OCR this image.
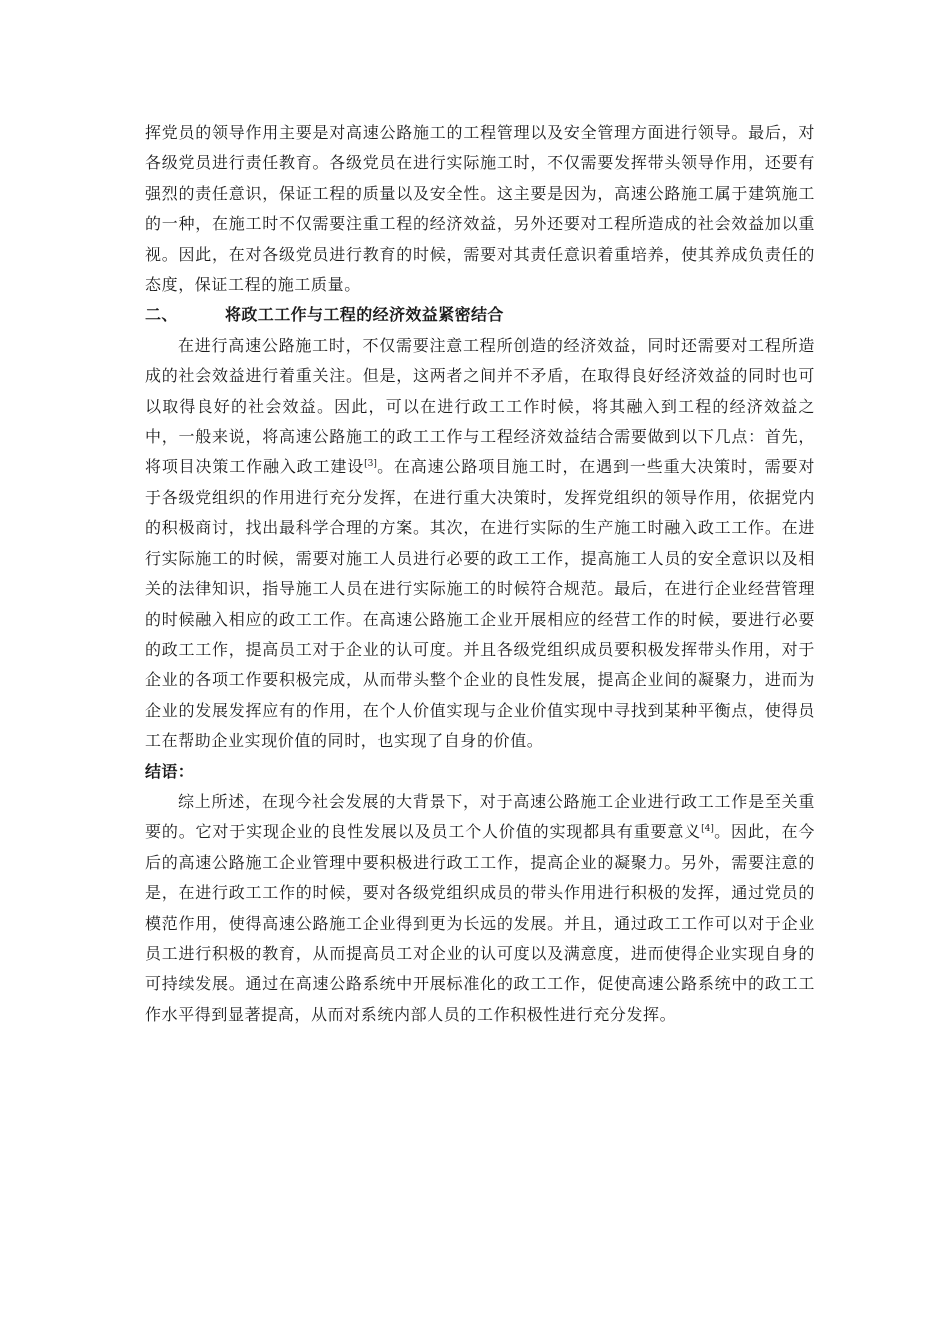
挥党员的领导作用主要是对高速公路施工的工程管理以及安全管理方面进行领导。最后，对各级党员进行责任教育。各级党员在进行实际施工时，不仅需要发挥带头领导作用，还要有强烈的责任意识，保证工程的质量以及安全性。这主要是因为，高速公路施工属于建筑施工的一种，在施工时不仅需要注重工程的经济效益，另外还要对工程所造成的社会效益加以重视。因此，在对各级党员进行教育的时候，需要对其责任意识着重培养，使其养成负责任的态度，保证工程的施工质量。

二、	将政工工作与工程的经济效益紧密结合

在进行高速公路施工时，不仅需要注意工程所创造的经济效益，同时还需要对工程所造成的社会效益进行着重关注。但是，这两者之间并不矛盾，在取得良好经济效益的同时也可以取得良好的社会效益。因此，可以在进行政工工作时候，将其融入到工程的经济效益之中，一般来说，将高速公路施工的政工工作与工程经济效益结合需要做到以下几点：首先，将项目决策工作融入政工建设[3]。在高速公路项目施工时，在遇到一些重大决策时，需要对于各级党组织的作用进行充分发挥，在进行重大决策时，发挥党组织的领导作用，依据党内的积极商讨，找出最科学合理的方案。其次，在进行实际的生产施工时融入政工工作。在进行实际施工的时候，需要对施工人员进行必要的政工工作，提高施工人员的安全意识以及相关的法律知识，指导施工人员在进行实际施工的时候符合规范。最后，在进行企业经营管理的时候融入相应的政工工作。在高速公路施工企业开展相应的经营工作的时候，要进行必要的政工工作，提高员工对于企业的认可度。并且各级党组织成员要积极发挥带头作用，对于企业的各项工作要积极完成，从而带头整个企业的良性发展，提高企业间的凝聚力，进而为企业的发展发挥应有的作用，在个人价值实现与企业价值实现中寻找到某种平衡点，使得员工在帮助企业实现价值的同时，也实现了自身的价值。

结语：

综上所述，在现今社会发展的大背景下，对于高速公路施工企业进行政工工作是至关重要的。它对于实现企业的良性发展以及员工个人价值的实现都具有重要意义[4]。因此，在今后的高速公路施工企业管理中要积极进行政工工作，提高企业的凝聚力。另外，需要注意的是，在进行政工工作的时候，要对各级党组织成员的带头作用进行积极的发挥，通过党员的模范作用，使得高速公路施工企业得到更为长远的发展。并且，通过政工工作可以对于企业员工进行积极的教育，从而提高员工对企业的认可度以及满意度，进而使得企业实现自身的可持续发展。通过在高速公路系统中开展标准化的政工工作，促使高速公路系统中的政工工作水平得到显著提高，从而对系统内部人员的工作积极性进行充分发挥。
